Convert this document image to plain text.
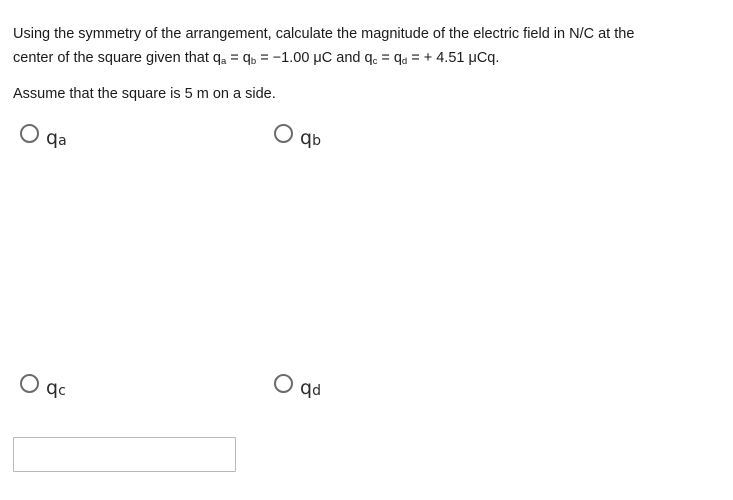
Using the symmetry of the arrangement, calculate the magnitude of the electric field in N/C at the
center of the square given that $q_a = q_b = -1.00$ μC and $q_c = q_d$ = + 4.51 μCq.
Assume that the square is 5 m on a side.
qa	qb
qc	qd
